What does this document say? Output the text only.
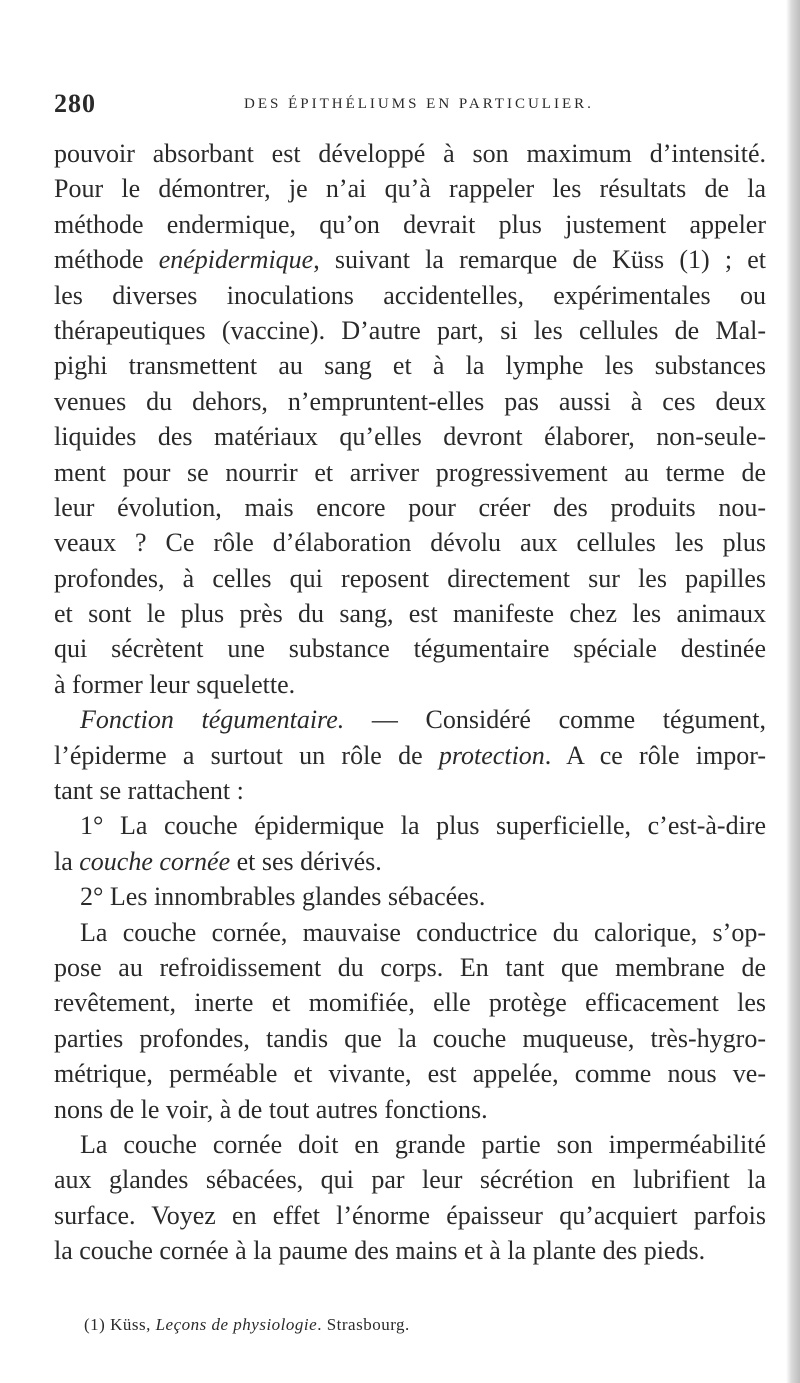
280	DES ÉPITHÉLIUMS EN PARTICULIER.
pouvoir absorbant est développé à son maximum d’intensité.
Pour le démontrer, je n’ai qu’à rappeler les résultats de la
méthode endermique, qu’on devrait plus justement appeler
méthode enépidermique, suivant la remarque de Küss (1) ; et
les diverses inoculations accidentelles, expérimentales ou
thérapeutiques (vaccine). D’autre part, si les cellules de Mal-
pighi transmettent au sang et à la lymphe les substances
venues du dehors, n’empruntent-elles pas aussi à ces deux
liquides des matériaux qu’elles devront élaborer, non-seule-
ment pour se nourrir et arriver progressivement au terme de
leur évolution, mais encore pour créer des produits nou-
veaux ? Ce rôle d’élaboration dévolu aux cellules les plus
profondes, à celles qui reposent directement sur les papilles
et sont le plus près du sang, est manifeste chez les animaux
qui sécrètent une substance tégumentaire spéciale destinée
à former leur squelette.
Fonction tégumentaire. — Considéré comme tégument,
l’épiderme a surtout un rôle de protection. A ce rôle impor-
tant se rattachent :
1° La couche épidermique la plus superficielle, c’est-à-dire
la couche cornée et ses dérivés.
2° Les innombrables glandes sébacées.
La couche cornée, mauvaise conductrice du calorique, s’op-
pose au refroidissement du corps. En tant que membrane de
revêtement, inerte et momifiée, elle protège efficacement les
parties profondes, tandis que la couche muqueuse, très-hygro-
métrique, perméable et vivante, est appelée, comme nous ve-
nons de le voir, à de tout autres fonctions.
La couche cornée doit en grande partie son imperméabilité
aux glandes sébacées, qui par leur sécrétion en lubrifient la
surface. Voyez en effet l’énorme épaisseur qu’acquiert parfois
la couche cornée à la paume des mains et à la plante des pieds.
(1) Küss, Leçons de physiologie. Strasbourg.
